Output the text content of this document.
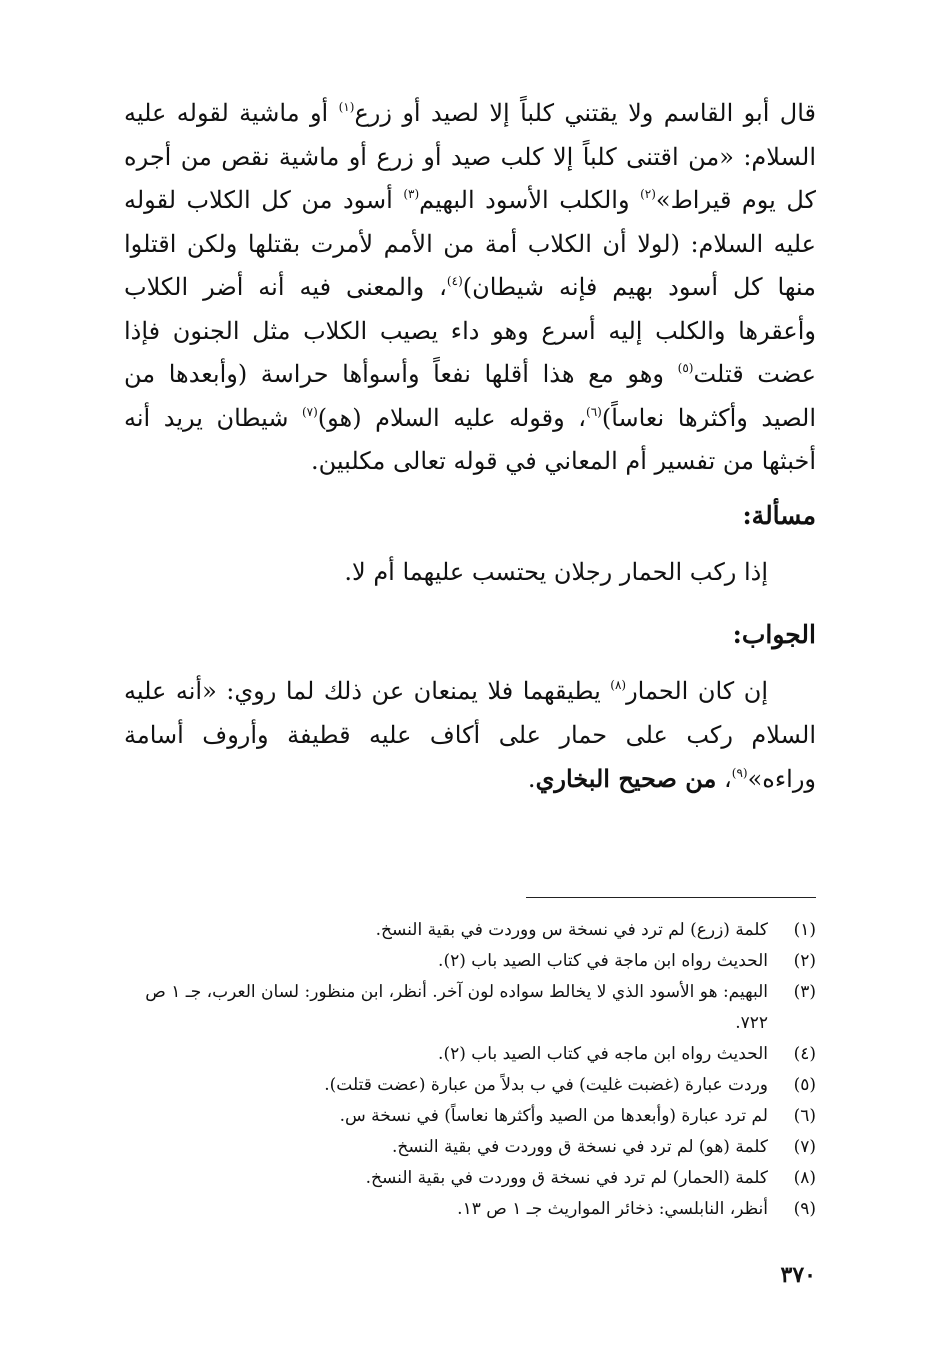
قال أبو القاسم ولا يقتني كلباً إلا لصيد أو زرع$^{(١)}$ أو ماشية لقوله عليه السلام: «من اقتنى كلباً إلا كلب صيد أو زرع أو ماشية نقص من أجره كل يوم قيراط»$^{(٢)}$ والكلب الأسود البهيم$^{(٣)}$ أسود من كل الكلاب لقوله عليه السلام: (لولا أن الكلاب أمة من الأمم لأمرت بقتلها ولكن اقتلوا منها كل أسود بهيم فإنه شيطان)$^{(٤)}$، والمعنى فيه أنه أضر الكلاب وأعقرها والكلب إليه أسرع وهو داء يصيب الكلاب مثل الجنون فإذا عضت قتلت$^{(٥)}$ وهو مع هذا أقلها نفعاً وأسوأها حراسة (وأبعدها من الصيد وأكثرها نعاساً)$^{(٦)}$، وقوله عليه السلام (هو)$^{(٧)}$ شيطان يريد أنه أخبثها من تفسير أم المعاني في قوله تعالى مكلبين.

مسألة:

إذا ركب الحمار رجلان يحتسب عليهما أم لا.

الجواب:

إن كان الحمار$^{(٨)}$ يطيقهما فلا يمنعان عن ذلك لما روي: «أنه عليه السلام ركب على حمار على أكاف عليه قطيفة وأروف أسامة وراءه»$^{(٩)}$، من صحيح البخاري.

(١)
كلمة (زرع) لم ترد في نسخة س ووردت في بقية النسخ.
(٢)
الحديث رواه ابن ماجة في كتاب الصيد باب (٢).
(٣)
البهيم: هو الأسود الذي لا يخالط سواده لون آخر. أنظر، ابن منظور: لسان العرب، جـ ١ ص ٧٢٢.
(٤)
الحديث رواه ابن ماجه في كتاب الصيد باب (٢).
(٥)
وردت عبارة (غضبت غليت) في ب بدلاً من عبارة (عضت قتلت).
(٦)
لم ترد عبارة (وأبعدها من الصيد وأكثرها نعاساً) في نسخة س.
(٧)
كلمة (هو) لم ترد في نسخة ق ووردت في بقية النسخ.
(٨)
كلمة (الحمار) لم ترد في نسخة ق ووردت في بقية النسخ.
(٩)
أنظر، النابلسي: ذخائر المواريث جـ ١ ص ١٣.
٣٧٠
